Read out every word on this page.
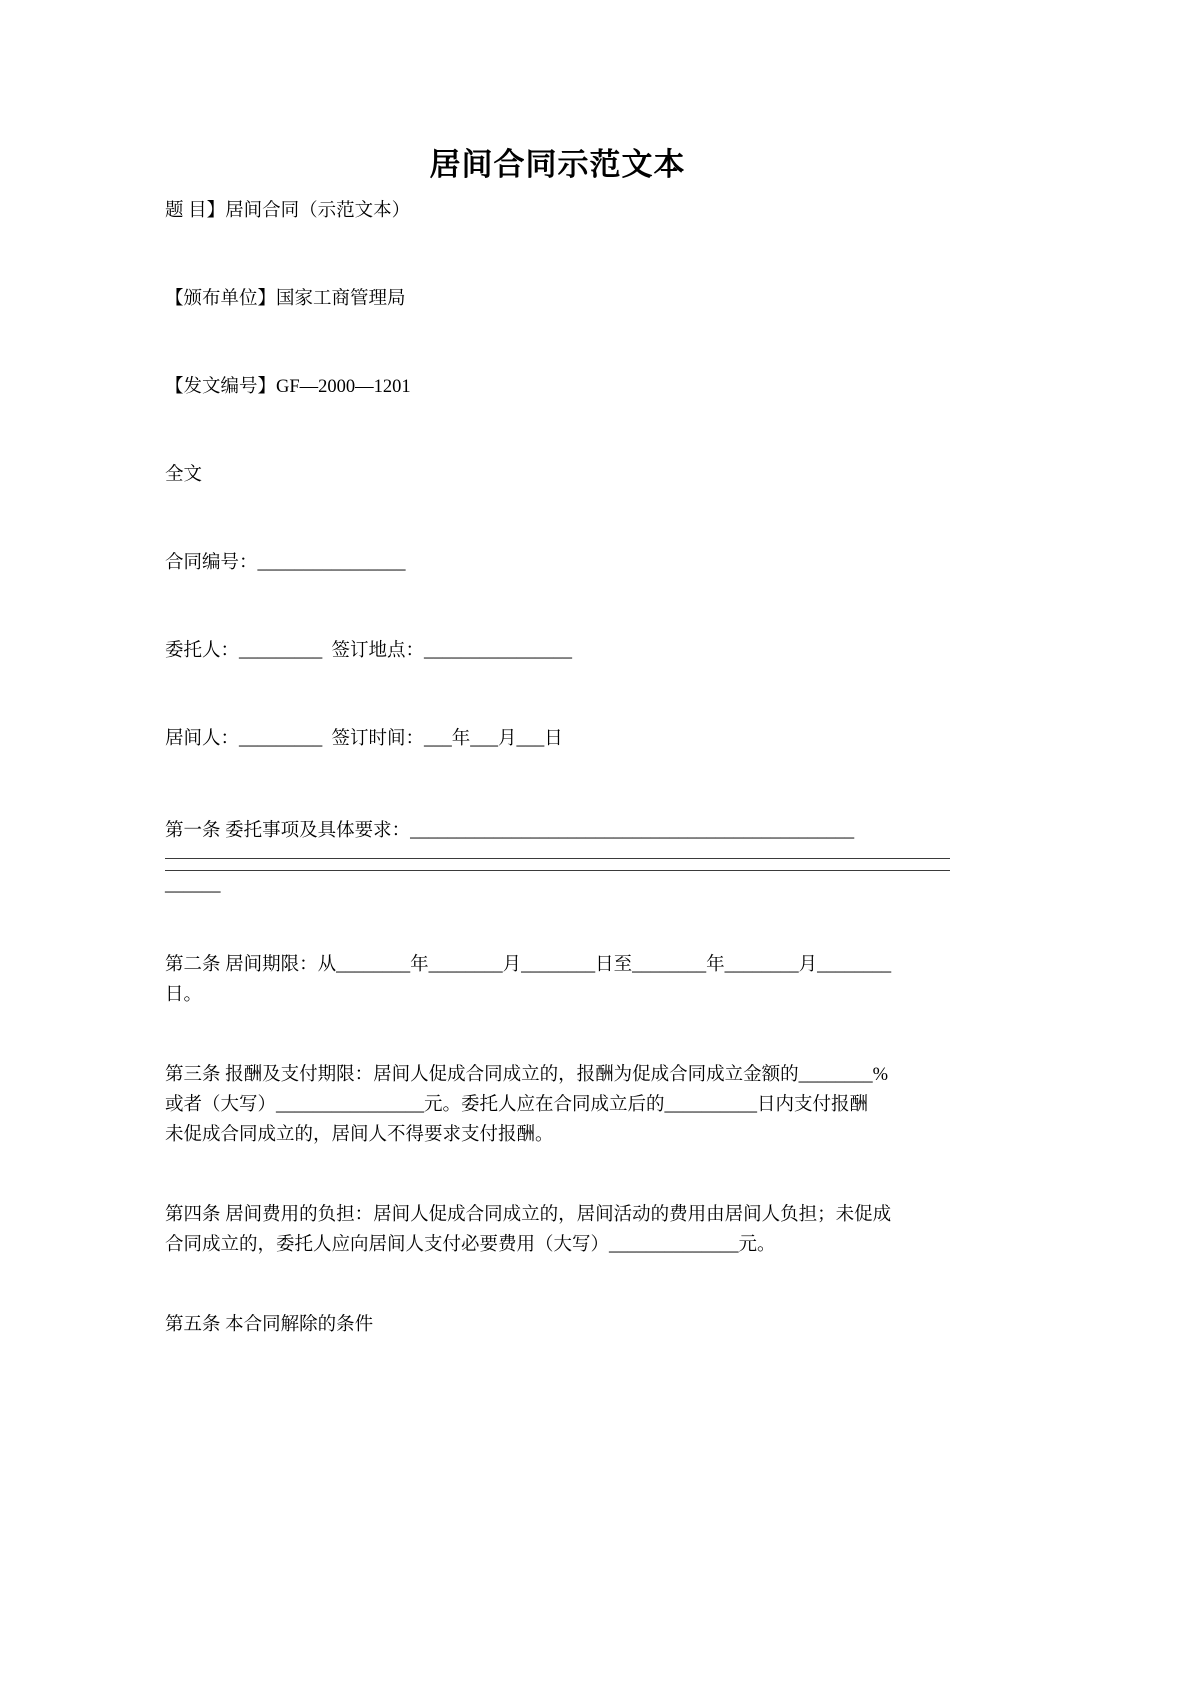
居间合同示范文本

题 目】居间合同（示范文本）

【颁布单位】国家工商管理局

【发文编号】GF—2000—1201

全文

合同编号：________________

委托人：_________ 签订地点：________________

居间人：_________ 签订时间：___年___月___日

第一条 委托事项及具体要求：________________________________________________
______

第二条 居间期限：从________年________月________日至________年________月________
日。

第三条 报酬及支付期限：居间人促成合同成立的，报酬为促成合同成立金额的________%
或者（大写）________________元。委托人应在合同成立后的__________日内支付报酬
未促成合同成立的，居间人不得要求支付报酬。

第四条 居间费用的负担：居间人促成合同成立的，居间活动的费用由居间人负担；未促成
合同成立的，委托人应向居间人支付必要费用（大写）______________元。

第五条 本合同解除的条件
